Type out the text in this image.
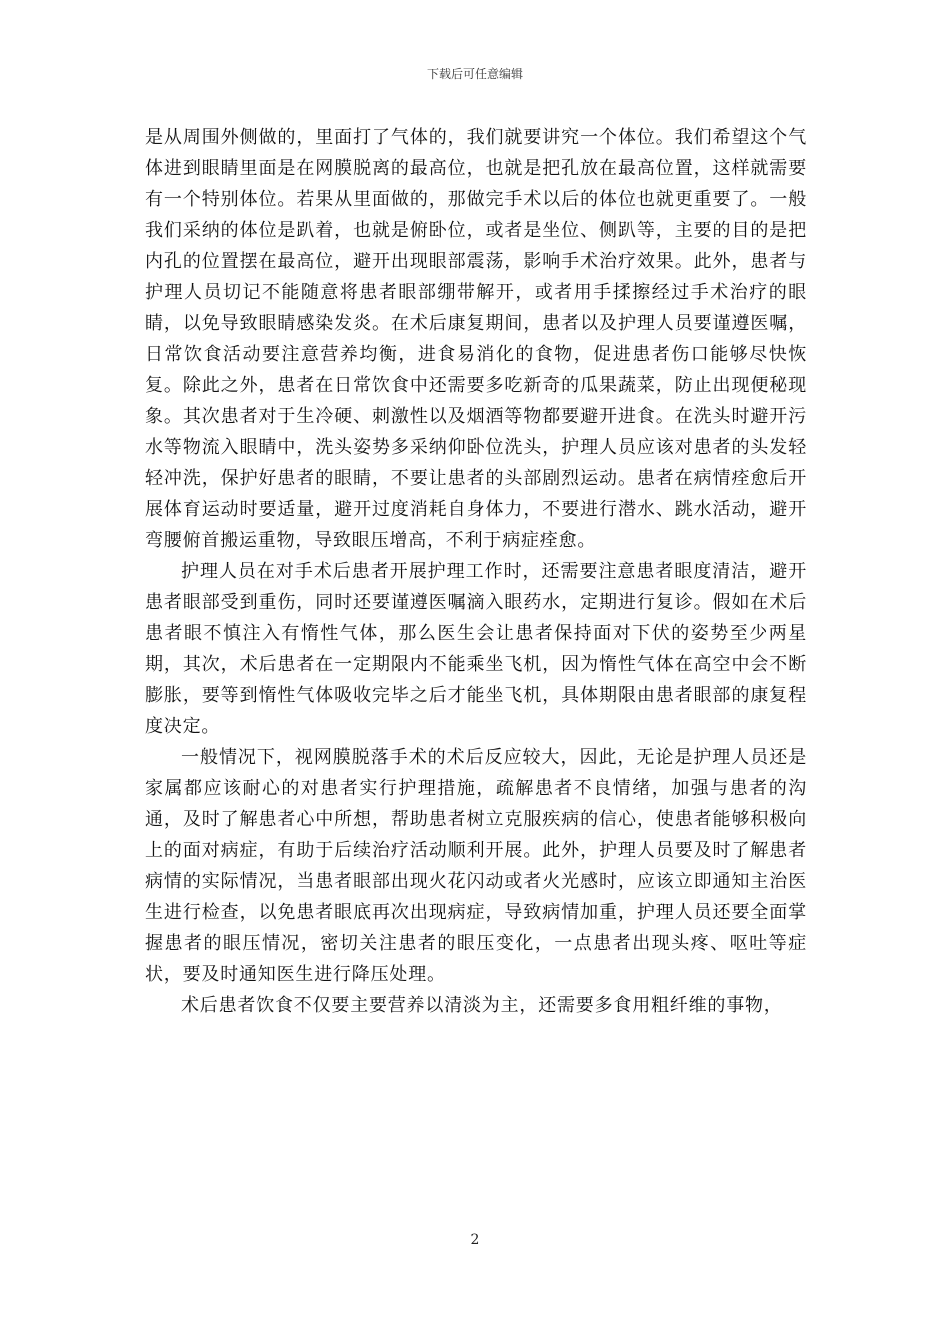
下载后可任意编辑

是从周围外侧做的，里面打了气体的，我们就要讲究一个体位。我们希望这个气体进到眼睛里面是在网膜脱离的最高位，也就是把孔放在最高位置，这样就需要有一个特别体位。若果从里面做的，那做完手术以后的体位也就更重要了。一般我们采纳的体位是趴着，也就是俯卧位，或者是坐位、侧趴等，主要的目的是把内孔的位置摆在最高位，避开出现眼部震荡，影响手术治疗效果。此外，患者与护理人员切记不能随意将患者眼部绷带解开，或者用手揉擦经过手术治疗的眼睛，以免导致眼睛感染发炎。在术后康复期间，患者以及护理人员要谨遵医嘱，日常饮食活动要注意营养均衡，进食易消化的食物，促进患者伤口能够尽快恢复。除此之外，患者在日常饮食中还需要多吃新奇的瓜果蔬菜，防止出现便秘现象。其次患者对于生冷硬、刺激性以及烟酒等物都要避开进食。在洗头时避开污水等物流入眼睛中，洗头姿势多采纳仰卧位洗头，护理人员应该对患者的头发轻轻冲洗，保护好患者的眼睛，不要让患者的头部剧烈运动。患者在病情痊愈后开展体育运动时要适量，避开过度消耗自身体力，不要进行潜水、跳水活动，避开弯腰俯首搬运重物，导致眼压增高，不利于病症痊愈。

护理人员在对手术后患者开展护理工作时，还需要注意患者眼度清洁，避开患者眼部受到重伤，同时还要谨遵医嘱滴入眼药水，定期进行复诊。假如在术后患者眼不慎注入有惰性气体，那么医生会让患者保持面对下伏的姿势至少两星期，其次，术后患者在一定期限内不能乘坐飞机，因为惰性气体在高空中会不断膨胀，要等到惰性气体吸收完毕之后才能坐飞机，具体期限由患者眼部的康复程度决定。

一般情况下，视网膜脱落手术的术后反应较大，因此，无论是护理人员还是家属都应该耐心的对患者实行护理措施，疏解患者不良情绪，加强与患者的沟通，及时了解患者心中所想，帮助患者树立克服疾病的信心，使患者能够积极向上的面对病症，有助于后续治疗活动顺利开展。此外，护理人员要及时了解患者病情的实际情况，当患者眼部出现火花闪动或者火光感时，应该立即通知主治医生进行检查，以免患者眼底再次出现病症，导致病情加重，护理人员还要全面掌握患者的眼压情况，密切关注患者的眼压变化，一点患者出现头疼、呕吐等症状，要及时通知医生进行降压处理。

术后患者饮食不仅要主要营养以清淡为主，还需要多食用粗纤维的事物，

2
